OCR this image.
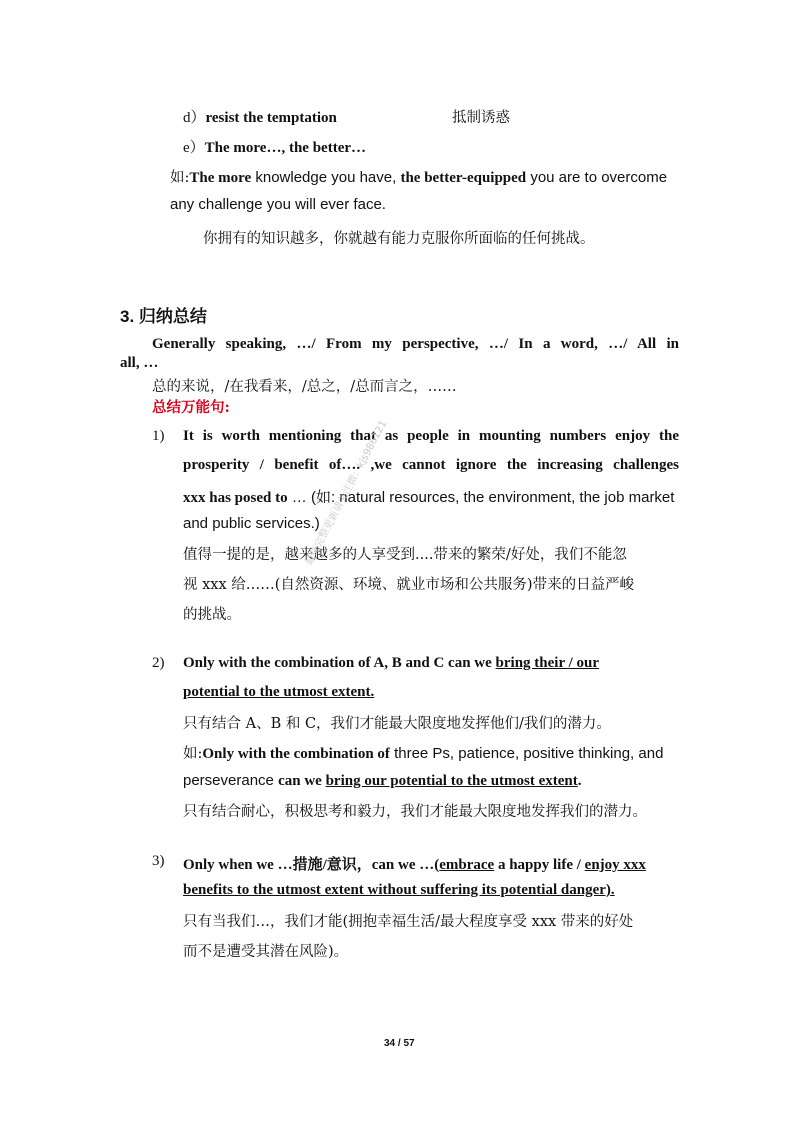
d）resist the temptation	抵制诱惑
e）The more…, the better…
如:The more knowledge you have, the better-equipped you are to overcome
any challenge you will ever face.
你拥有的知识越多，你就越有能力克服你所面临的任何挑战。
3. 归纳总结
Generally speaking, …/ From my perspective, …/ In a word, …/ All in
all, …
总的来说，/在我看来，/总之，/总而言之，……
总结万能句:
1) It is worth mentioning that as people in mounting numbers enjoy the
prosperity / benefit of…. ,we cannot ignore the increasing challenges
xxx has posed to … (如: natural resources, the environment, the job market
and public services.)
值得一提的是，越来越多的人享受到....带来的繁荣/好处，我们不能忽
视 xxx 给……(自然资源、环境、就业市场和公共服务)带来的日益严峻
的挑战。
2) Only with the combination of A, B and C can we bring their / our
potential to the utmost extent.
只有结合 A、B 和 C，我们才能最大限度地发挥他们/我们的潜力。
如:Only with the combination of three Ps, patience, positive thinking, and
perseverance can we bring our potential to the utmost extent.
只有结合耐心，积极思考和毅力，我们才能最大限度地发挥我们的潜力。
3) Only when we …措施/意识，can we …(embrace a happy life / enjoy xxx
benefits to the utmost extent without suffering its potential danger).
只有当我们…，我们才能(拥抱幸福生活/最大程度享受 xxx 带来的好处
而不是遭受其潜在风险)。
最快完整更新请关注微：kjs986121
34 / 57
